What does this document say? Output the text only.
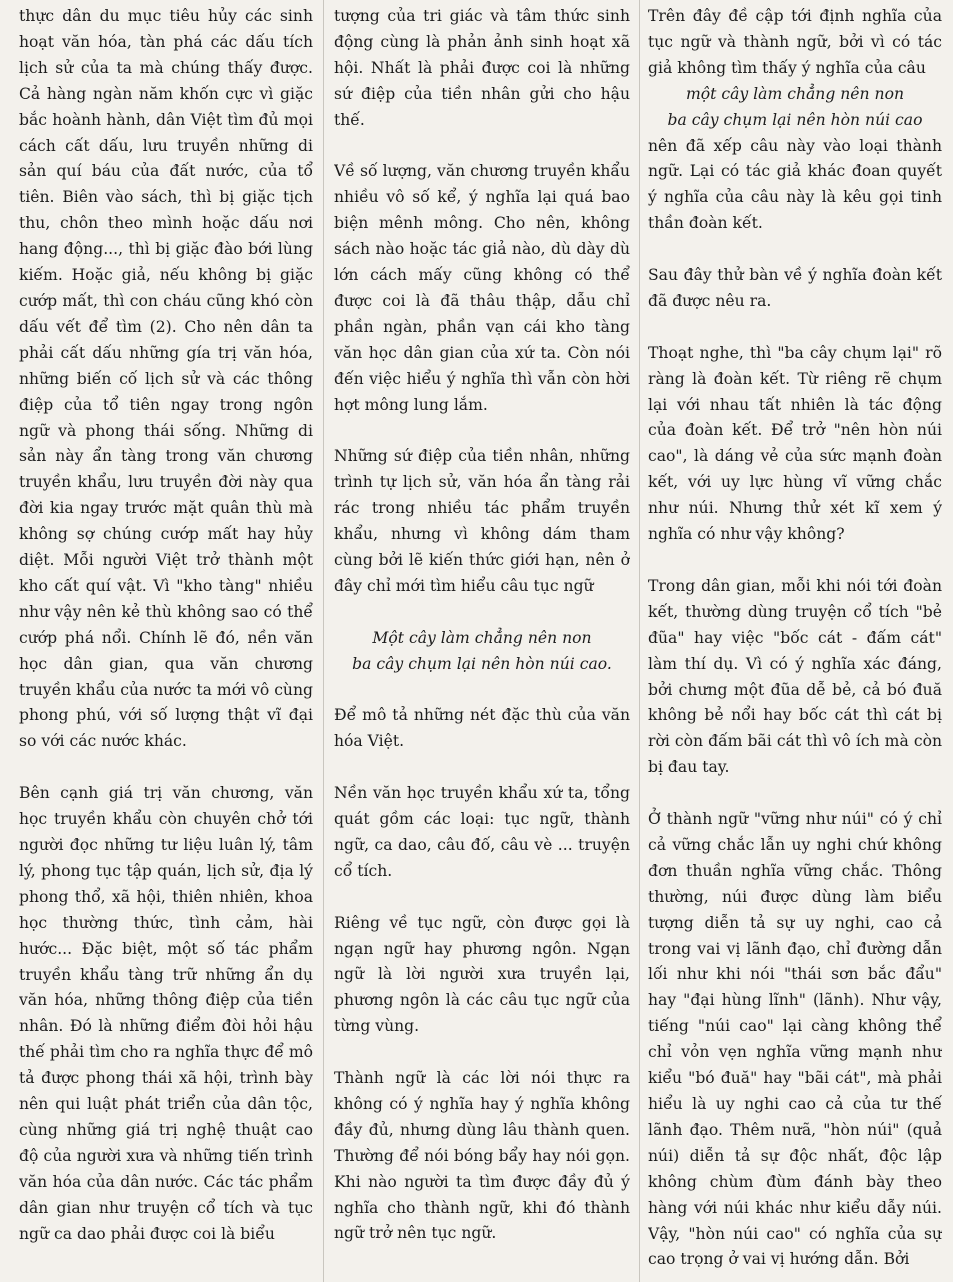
thực dân du mục tiêu hủy các sinh hoạt văn hóa, tàn phá các dấu tích lịch sử của ta mà chúng thấy được. Cả hàng ngàn năm khốn cực vì giặc bắc hoành hành, dân Việt tìm đủ mọi cách cất dấu, lưu truyền những di sản quí báu của đất nước, của tổ tiên. Biên vào sách, thì bị giặc tịch thu, chôn theo mình hoặc dấu nơi hang động..., thì bị giặc đào bới lùng kiếm. Hoặc giả, nếu không bị giặc cướp mất, thì con cháu cũng khó còn dấu vết để tìm (2). Cho nên dân ta phải cất dấu những gía trị văn hóa, những biến cố lịch sử và các thông điệp của tổ tiên ngay trong ngôn ngữ và phong thái sống. Những di sản này ẩn tàng trong văn chương truyền khẩu, lưu truyền đời này qua đời kia ngay trước mặt quân thù mà không sợ chúng cướp mất hay hủy diệt. Mỗi người Việt trở thành một kho cất quí vật. Vì "kho tàng" nhiều như vậy nên kẻ thù không sao có thể cướp phá nổi. Chính lẽ đó, nền văn học dân gian, qua văn chương truyền khẩu của nước ta mới vô cùng phong phú, với số lượng thật vĩ đại so với các nước khác.

Bên cạnh giá trị văn chương, văn học truyền khẩu còn chuyên chở tới người đọc những tư liệu luân lý, tâm lý, phong tục tập quán, lịch sử, địa lý phong thổ, xã hội, thiên nhiên, khoa học thường thức, tình cảm, hài hước... Đặc biệt, một số tác phẩm truyền khẩu tàng trữ những ẩn dụ văn hóa, những thông điệp của tiền nhân. Đó là những điểm đòi hỏi hậu thế phải tìm cho ra nghĩa thực để mô tả được phong thái xã hội, trình bày nên qui luật phát triển của dân tộc, cùng những giá trị nghệ thuật cao độ của người xưa và những tiến trình văn hóa của dân nước. Các tác phẩm dân gian như truyện cổ tích và tục ngữ ca dao phải được coi là biểu

tượng của tri giác và tâm thức sinh động cùng là phản ảnh sinh hoạt xã hội. Nhất là phải được coi là những sứ điệp của tiền nhân gửi cho hậu thế.

Về số lượng, văn chương truyền khẩu nhiều vô số kể, ý nghĩa lại quá bao biện mênh mông. Cho nên, không sách nào hoặc tác giả nào, dù dày dù lớn cách mấy cũng không có thể được coi là đã thâu thập, dẫu chỉ phần ngàn, phần vạn cái kho tàng văn học dân gian của xứ ta. Còn nói đến việc hiểu ý nghĩa thì vẫn còn hời hợt mông lung lắm.

Những sứ điệp của tiền nhân, những trình tự lịch sử, văn hóa ẩn tàng rải rác trong nhiều tác phẩm truyền khẩu, nhưng vì không dám tham cùng bởi lẽ kiến thức giới hạn, nên ở đây chỉ mới tìm hiểu câu tục ngữ

Một cây làm chẳng nên non
ba cây chụm lại nên hòn núi cao.

Để mô tả những nét đặc thù của văn hóa Việt.

Nền văn học truyền khẩu xứ ta, tổng quát gồm các loại: tục ngữ, thành ngữ, ca dao, câu đố, câu vè ... truyện cổ tích.

Riêng về tục ngữ, còn được gọi là ngạn ngữ hay phương ngôn. Ngạn ngữ là lời người xưa truyền lại, phương ngôn là các câu tục ngữ của từng vùng.

Thành ngữ là các lời nói thực ra không có ý nghĩa hay ý nghĩa không đầy đủ, nhưng dùng lâu thành quen. Thường để nói bóng bẩy hay nói gọn. Khi nào người ta tìm được đầy đủ ý nghĩa cho thành ngữ, khi đó thành ngữ trở nên tục ngữ.

Trên đây đề cập tới định nghĩa của tục ngữ và thành ngữ, bởi vì có tác giả không tìm thấy ý nghĩa của câu

một cây làm chẳng nên non
ba cây chụm lại nên hòn núi cao

nên đã xếp câu này vào loại thành ngữ. Lại có tác giả khác đoan quyết ý nghĩa của câu này là kêu gọi tinh thần đoàn kết.

Sau đây thử bàn về ý nghĩa đoàn kết đã được nêu ra.

Thoạt nghe, thì "ba cây chụm lại" rõ ràng là đoàn kết. Từ riêng rẽ chụm lại với nhau tất nhiên là tác động của đoàn kết. Để trở "nên hòn núi cao", là dáng vẻ của sức mạnh đoàn kết, với uy lực hùng vĩ vững chắc như núi. Nhưng thử xét kĩ xem ý nghĩa có như vậy không?

Trong dân gian, mỗi khi nói tới đoàn kết, thường dùng truyện cổ tích "bẻ đũa" hay việc "bốc cát - đấm cát" làm thí dụ. Vì có ý nghĩa xác đáng, bởi chưng một đũa dễ bẻ, cả bó đuă không bẻ nổi hay bốc cát thì cát bị rời còn đấm bãi cát thì vô ích mà còn bị đau tay.

Ở thành ngữ "vững như núi" có ý chỉ cả vững chắc lẫn uy nghi chứ không đơn thuần nghĩa vững chắc. Thông thường, núi được dùng làm biểu tượng diễn tả sự uy nghi, cao cả trong vai vị lãnh đạo, chỉ đường dẫn lối như khi nói "thái sơn bắc đẩu" hay "đại hùng lĩnh" (lãnh). Như vậy, tiếng "núi cao" lại càng không thể chỉ vỏn vẹn nghĩa vững mạnh như kiểu "bó đuă" hay "bãi cát", mà phải hiểu là uy nghi cao cả của tư thế lãnh đạo. Thêm nưã, "hòn núi" (quả núi) diễn tả sự độc nhất, độc lập không chùm đùm đánh bày theo hàng với núi khác như kiểu dẫy núi. Vậy, "hòn núi cao" có nghĩa của sự cao trọng ở vai vị hướng dẫn. Bởi
